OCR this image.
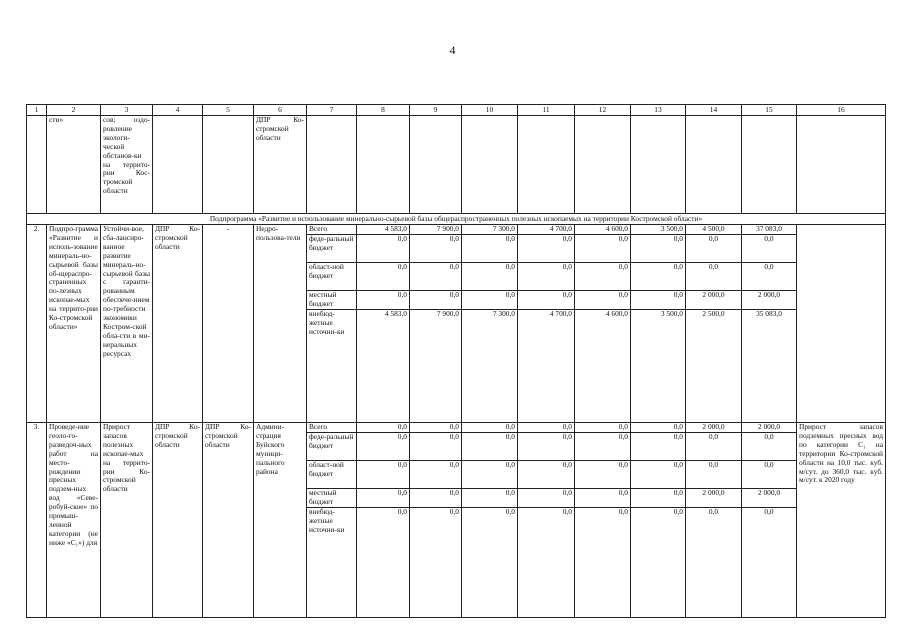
4
1	2	3	4	5	6	7	8	9	10	11	12	13	14	15	16
	сти»	сов; оздо-ровление экологи-ческой обстанов-ки на террито-рии Кос-тромской области			ДПР Ко-стромской области										
Подпрограмма «Развитие и использование минерально-сырьевой базы общераспространенных полезных ископаемых на территории Костромской области»															
2.	Подпро-грамма «Развитие и исполь-зование минераль-но-сырьевой базы об-щераспро-страненных по-лезных ископае-мых на террито-рии Ко-стромской области»	Устойчи-вое, сба-лансиро-ванное развитие минераль-но-сырьевой базы с гаранти-рованным обеспече-нием по-требности экономики Костром-ской обла-сти в ми-неральных ресурсах	ДПР Ко-стромской области	-	Недро-пользова-тели	Всего	4 583,0	7 900,0	7 300,0	4 700,0	4 600,0	3 500,0	4 500,0	37 083,0	
						феде-ральный бюджет	0,0	0,0	0,0	0,0	0,0	0,0	0,0	0,0	
						област-ной бюджет	0,0	0,0	0,0	0,0	0,0	0,0	0,0	0,0	
						местный бюджет	0,0	0,0	0,0	0,0	0,0	0,0	2 000,0	2 000,0	
						внебюд-жетные источни-ки	4 583,0	7 900,0	7 300,0	4 700,0	4 600,0	3 500,0	2 500,0	35 083,0	
3.	Проведе-ние геоло-го-разведоч-ных работ на место-рождении пресных подзем-ных вод «Севе-робуй-ское» по промыш-ленной категории (не ниже «C₁») для	Прирост запасов полезных ископае-мых на террито-рии Ко-стромской области	ДПР Ко-стромской области	ДПР Ко-стромской области	Админи-страция Буйского муници-пального района	Всего	0,0	0,0	0,0	0,0	0,0	0,0	2 000,0	2 000,0	Прирост запасов подземных пресных вод по категории C₁ на территории Ко-стромской области на 10,0 тыс. куб. м/сут. до 360,0 тыс. куб. м/сут. к 2020 году
						феде-ральный бюджет	0,0	0,0	0,0	0,0	0,0	0,0	0,0	0,0	
						област-ной бюджет	0,0	0,0	0,0	0,0	0,0	0,0	0,0	0,0	
						местный бюджет	0,0	0,0	0,0	0,0	0,0	0,0	2 000,0	2 000,0	
						внебюд-жетные источни-ки	0,0	0,0	0,0	0,0	0,0	0,0	0,0	0,0	
